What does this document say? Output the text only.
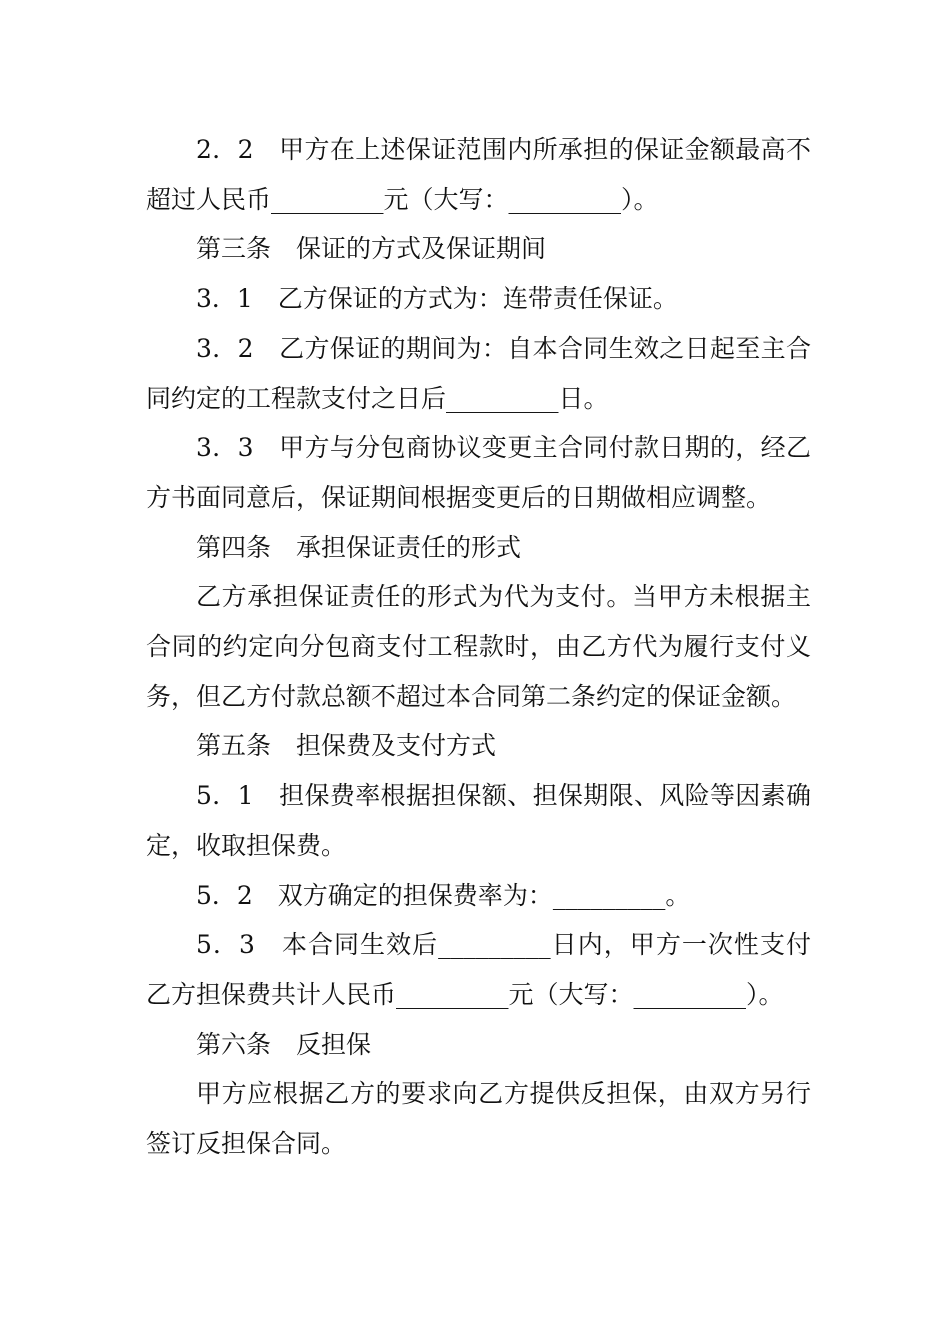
2．2　甲方在上述保证范围内所承担的保证金额最高不超过人民币_________元（大写：_________）。

第三条　保证的方式及保证期间

3．1　乙方保证的方式为：连带责任保证。

3．2　乙方保证的期间为：自本合同生效之日起至主合同约定的工程款支付之日后_________日。

3．3　甲方与分包商协议变更主合同付款日期的，经乙方书面同意后，保证期间根据变更后的日期做相应调整。

第四条　承担保证责任的形式

乙方承担保证责任的形式为代为支付。当甲方未根据主合同的约定向分包商支付工程款时，由乙方代为履行支付义务，但乙方付款总额不超过本合同第二条约定的保证金额。

第五条　担保费及支付方式

5．1　担保费率根据担保额、担保期限、风险等因素确定，收取担保费。

5．2　双方确定的担保费率为：_________。

5．3　本合同生效后_________日内，甲方一次性支付乙方担保费共计人民币_________元（大写：_________）。

第六条　反担保

甲方应根据乙方的要求向乙方提供反担保，由双方另行签订反担保合同。
